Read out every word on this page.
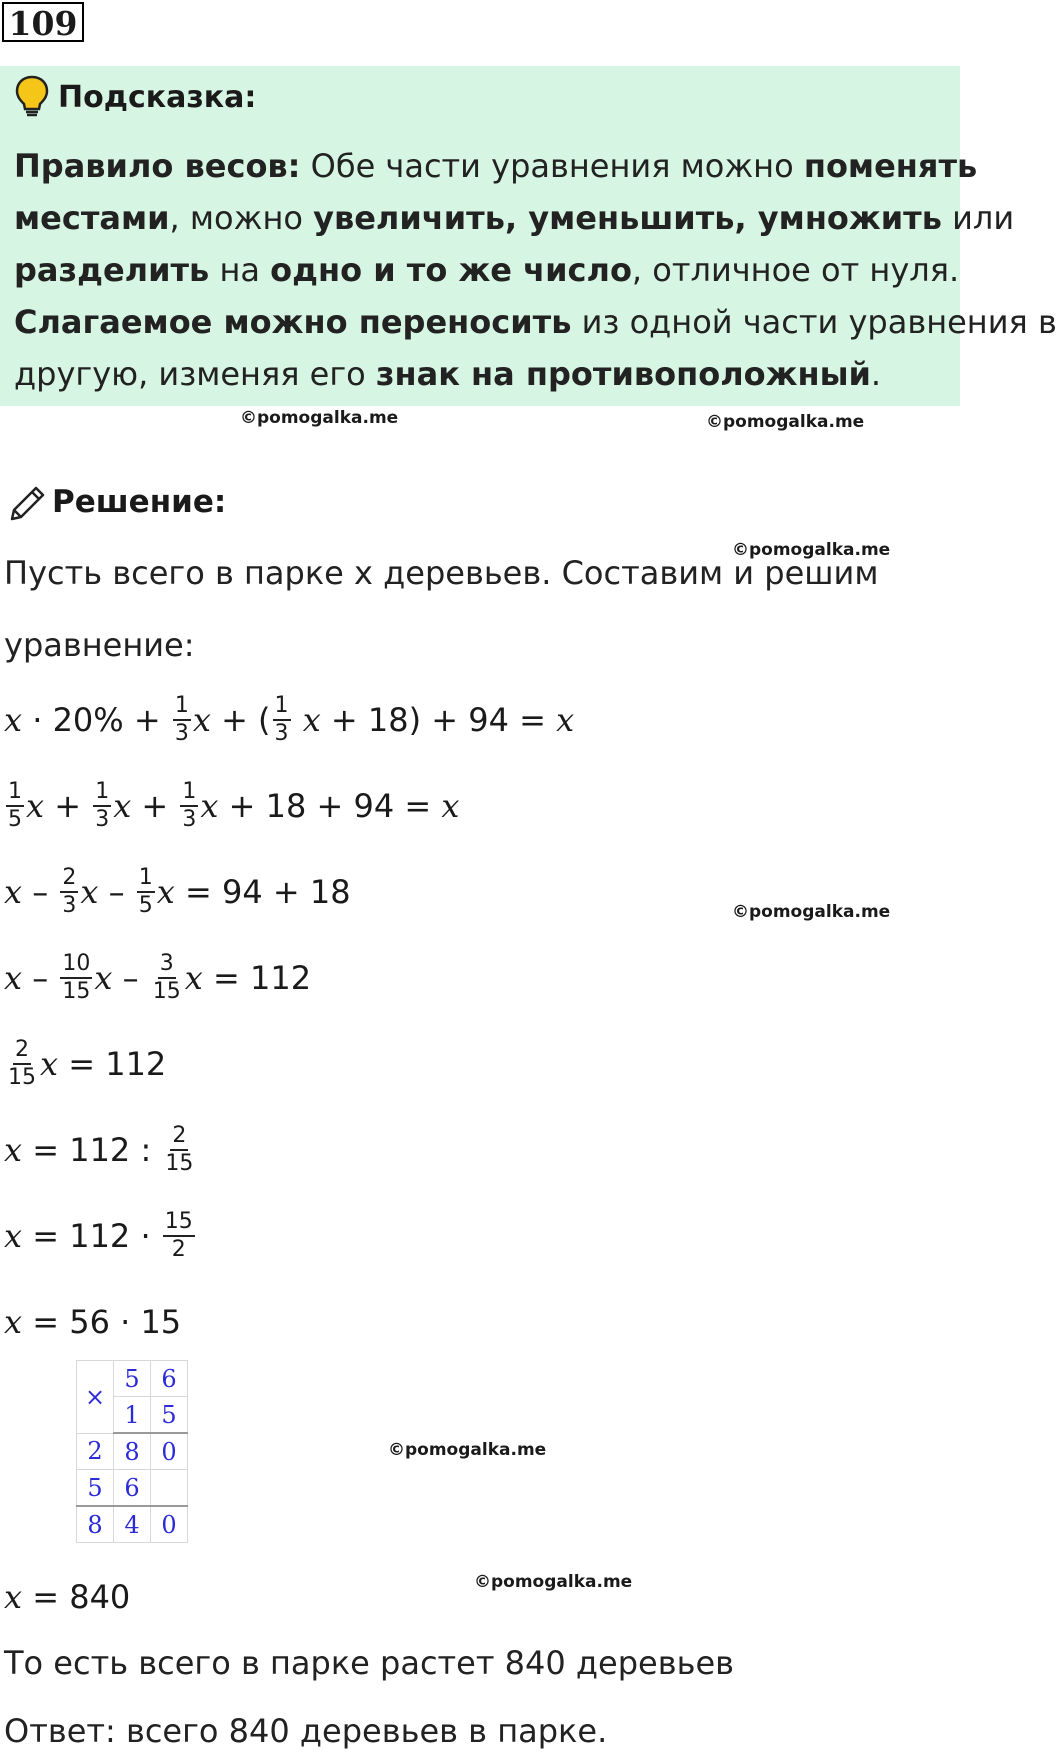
109
Подсказка:
Правило весов: Обе части уравнения можно поменять
местами, можно увеличить, уменьшить, умножить или
разделить на одно и то же число, отличное от нуля.
Слагаемое можно переносить из одной части уравнения в
другую, изменяя его знак на противоположный.
©pomogalka.me	©pomogalka.me
Решение:
©pomogalka.me
Пусть всего в парке x деревьев. Составим и решим
уравнение:
$x \cdot 20\% + \frac{1}{3}$ x + ( $\frac{1}{3}$
x + 18) + 94 = x
$\frac{1}{5}$ $x + \frac{1}{3}$ $x + \frac{1}{3}$ x + 18 + 94 = x
x – $\frac{2}{3}$ x – $\frac{1}{5}$ x = 94 + 18
x – $\frac{10}{15}$ x – $\frac{3}{15}$ x = 112
$\frac{2}{15}$ x = 112
x = 112 : $\frac{2}{15}$
$x = 112 \cdot \frac{15}{2}$
x = 56 · 15
©pomogalka.me
×	5	6
	1	5
2	8	0
5	6	
8	4	0
©pomogalka.me
©pomogalka.me
x = 840
То есть всего в парке растет 840 деревьев
Ответ: всего 840 деревьев в парке.
